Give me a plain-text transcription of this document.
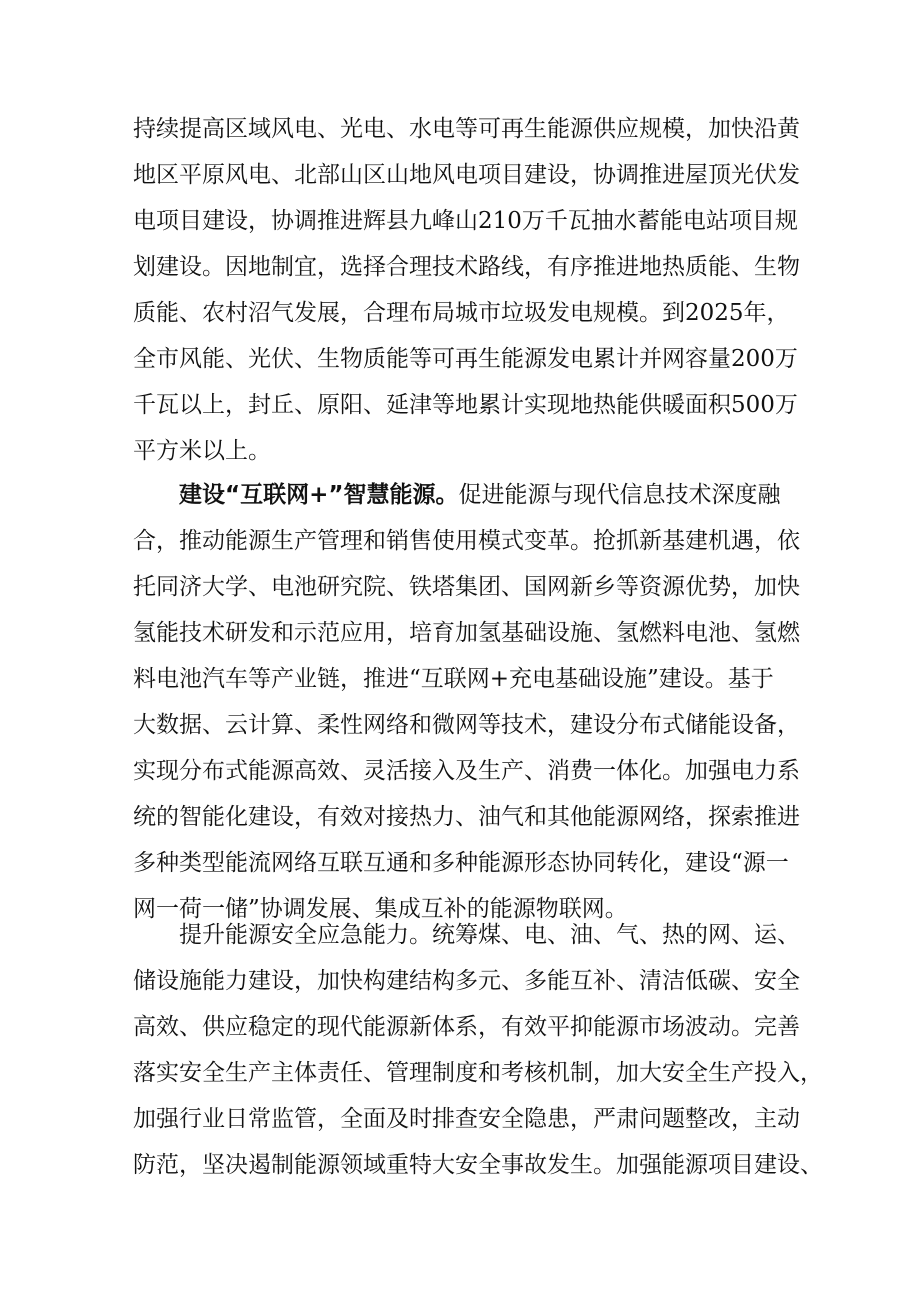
持续提高区域风电、光电、水电等可再生能源供应规模，加快沿黄
地区平原风电、北部山区山地风电项目建设，协调推进屋顶光伏发
电项目建设，协调推进辉县九峰山210万千瓦抽水蓄能电站项目规
划建设。因地制宜，选择合理技术路线，有序推进地热质能、生物
质能、农村沼气发展，合理布局城市垃圾发电规模。到2025年，
全市风能、光伏、生物质能等可再生能源发电累计并网容量200万
千瓦以上，封丘、原阳、延津等地累计实现地热能供暖面积500万
平方米以上。
建设“互联网+”智慧能源。促进能源与现代信息技术深度融
合，推动能源生产管理和销售使用模式变革。抢抓新基建机遇，依
托同济大学、电池研究院、铁塔集团、国网新乡等资源优势，加快
氢能技术研发和示范应用，培育加氢基础设施、氢燃料电池、氢燃
料电池汽车等产业链，推进“互联网+充电基础设施”建设。基于
大数据、云计算、柔性网络和微网等技术，建设分布式储能设备，
实现分布式能源高效、灵活接入及生产、消费一体化。加强电力系
统的智能化建设，有效对接热力、油气和其他能源网络，探索推进
多种类型能流网络互联互通和多种能源形态协同转化，建设“源一
网一荷一储”协调发展、集成互补的能源物联网。
提升能源安全应急能力。统筹煤、电、油、气、热的网、运、
储设施能力建设，加快构建结构多元、多能互补、清洁低碳、安全
高效、供应稳定的现代能源新体系，有效平抑能源市场波动。完善
落实安全生产主体责任、管理制度和考核机制，加大安全生产投入，
加强行业日常监管，全面及时排查安全隐患，严肃问题整改，主动
防范，坚决遏制能源领域重特大安全事故发生。加强能源项目建设、
